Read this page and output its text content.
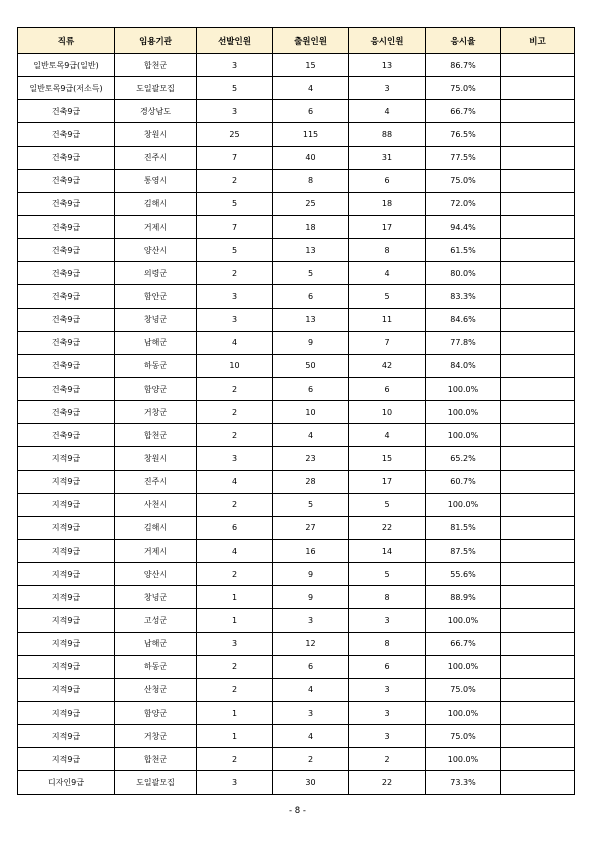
직류	임용기관	선발인원	출원인원	응시인원	응시율	비고
일반토목9급(일반)	합천군	3	15	13	86.7%	
일반토목9급(저소득)	도일괄모집	5	4	3	75.0%	
건축9급	경상남도	3	6	4	66.7%	
건축9급	창원시	25	115	88	76.5%	
건축9급	진주시	7	40	31	77.5%	
건축9급	통영시	2	8	6	75.0%	
건축9급	김해시	5	25	18	72.0%	
건축9급	거제시	7	18	17	94.4%	
건축9급	양산시	5	13	8	61.5%	
건축9급	의령군	2	5	4	80.0%	
건축9급	함안군	3	6	5	83.3%	
건축9급	창녕군	3	13	11	84.6%	
건축9급	남해군	4	9	7	77.8%	
건축9급	하동군	10	50	42	84.0%	
건축9급	함양군	2	6	6	100.0%	
건축9급	거창군	2	10	10	100.0%	
건축9급	합천군	2	4	4	100.0%	
지적9급	창원시	3	23	15	65.2%	
지적9급	진주시	4	28	17	60.7%	
지적9급	사천시	2	5	5	100.0%	
지적9급	김해시	6	27	22	81.5%	
지적9급	거제시	4	16	14	87.5%	
지적9급	양산시	2	9	5	55.6%	
지적9급	창녕군	1	9	8	88.9%	
지적9급	고성군	1	3	3	100.0%	
지적9급	남해군	3	12	8	66.7%	
지적9급	하동군	2	6	6	100.0%	
지적9급	산청군	2	4	3	75.0%	
지적9급	함양군	1	3	3	100.0%	
지적9급	거창군	1	4	3	75.0%	
지적9급	합천군	2	2	2	100.0%	
디자인9급	도일괄모집	3	30	22	73.3%	
- 8 -
